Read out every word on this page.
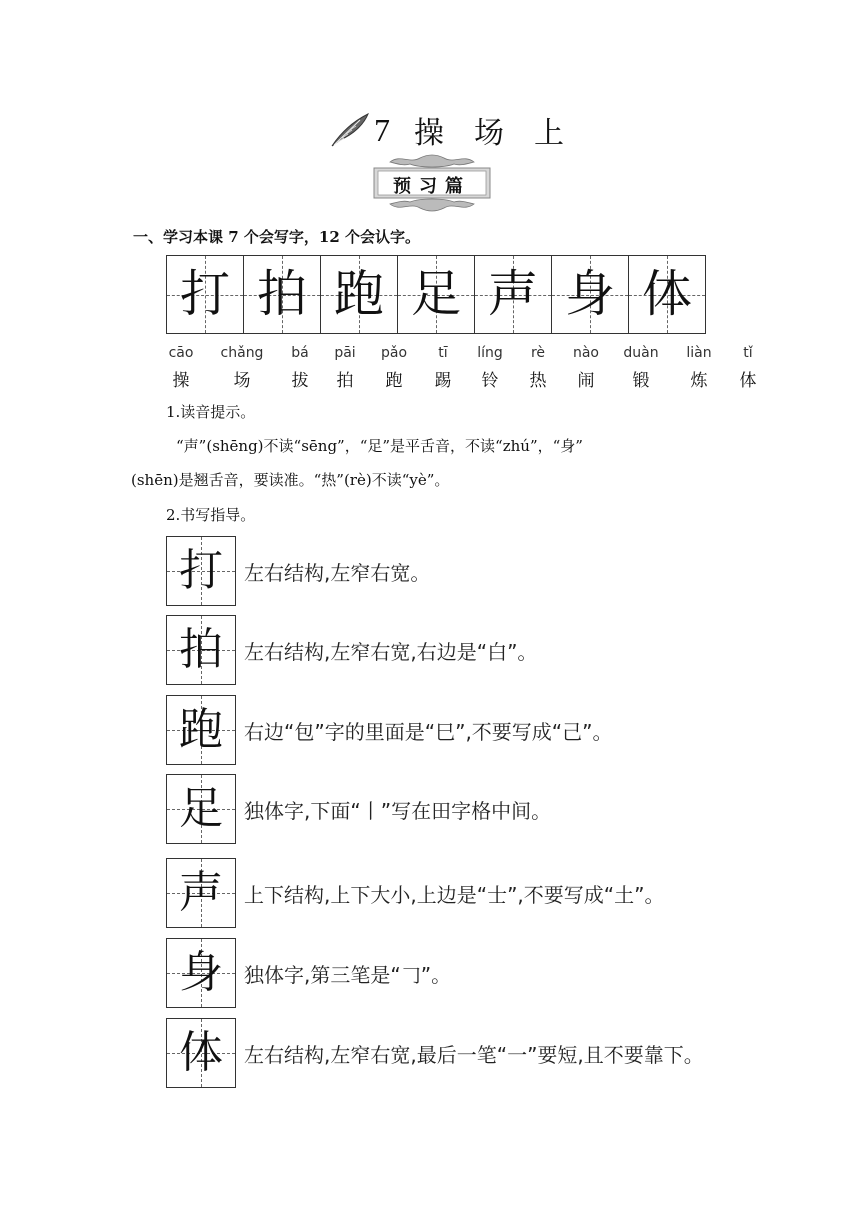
7 操 场 上
预习篇
一、学习本课 7 个会写字，12 个会认字。
打 拍 跑 足 声 身 体
cāo chǎng bá pāi pǎo tī líng rè nào duàn liàn tǐ
操	场 拔 拍 跑 踢 铃 热 闹 锻 炼 体
1.读音提示。
“声”(shēng)不读“sēng”，“足”是平舌音，不读“zhú”，“身”
(shēn)是翘舌音，要读准。“热”(rè)不读“yè”。
2.书写指导。
打	左右结构,左窄右宽。
拍	左右结构,左窄右宽,右边是“白”。
跑	右边“包”字的里面是“巳”,不要写成“己”。
足	独体字,下面“丨”写在田字格中间。
声	上下结构,上下大小,上边是“士”,不要写成“土”。
身	独体字,第三笔是“𠃌”。
体	左右结构,左窄右宽,最后一笔“一”要短,且不要靠下。
